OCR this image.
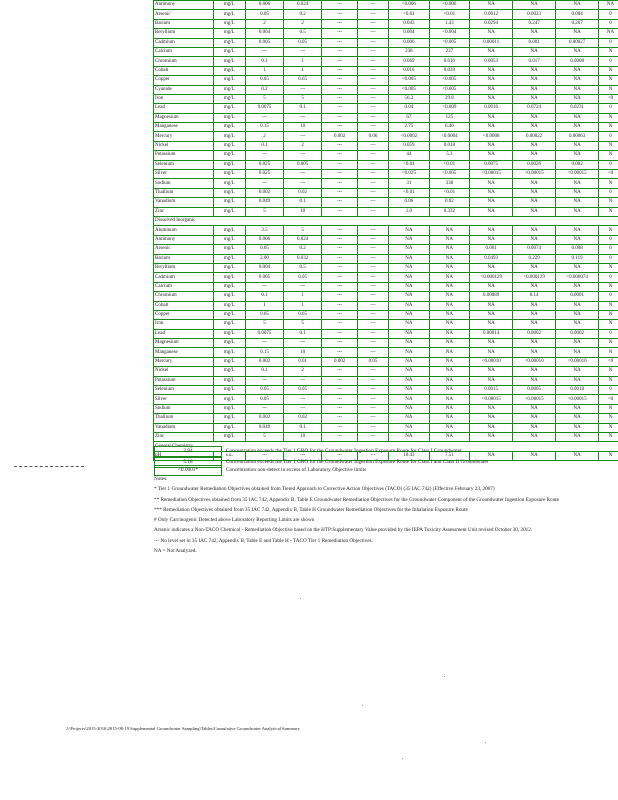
Antimony	mg/L	0.006	0.024	---	---	<0.006	<0.006	NA	NA	NA	NA
Arsenic	mg/L	0.05	0.2	---	---	<0.01	<0.01	0.0012	0.0023	0.004	0
Barium	mg/L	2	2	---	---	0.043	1.43	0.0294	0.247	0.267	0
Beryllium	mg/L	0.004	0.5	---	---	0.004	<0.004	NA	NA	NA	NA
Cadmium	mg/L	0.005	0.05	---	---	0.006	<0.005	0.00011	0.001	0.00027	0
Calcium	mg/L	---	---	---	---	238	237	NA	NA	NA	N
Chromium	mg/L	0.1	1	---	---	0.069	0.016	0.0053	0.017	0.0008	0
Cobalt	mg/L	1	1	---	---	0.016	0.039	NA	NA	NA	N
Copper	mg/L	0.65	0.65	---	---	<0.005	<0.005	NA	NA	NA	N
Cyanide	mg/L	0.2	---	---	---	<0.005	<0.005	NA	NA	NA	N
Iron	mg/L	5	5	---	---	56.2	29.8	NA	NA	NA	<0
Lead	mg/L	0.0075	0.1	---	---	0.04	<0.009	0.0016	0.0724	0.0231	0
Magnesium	mg/L	---	---	---	---	67	125	NA	NA	NA	N
Manganese	mg/L	0.15	10	---	---	2.75	6.46	NA	NA	NA	N
Mercury	mg/L	2	---	0.002	0.06	<0.0002	<0.0004	<0.0008	0.00022	0.00063	0
Nickel	mg/L	0.1	2	---	---	0.059	0.018	NA	NA	NA	N
Potassium	mg/L	---	---	---	---	44	5.3	NA	NA	NA	N
Selenium	mg/L	0.025	0.005	---	---	<0.01	<0.01	0.0075	0.0026	0.002	0
Silver	mg/L	0.025	---	---	---	<0.025	<0.005	<0.00015	<0.00015	<0.00015	<0
Sodium	mg/L	---	---	---	---	31	338	NA	NA	NA	N
Thallium	mg/L	0.002	0.02	---	---	<0.01	<0.01	NA	NA	NA	0
Vanadium	mg/L	0.049	0.1	---	---	0.06	0.02	NA	NA	NA	N
Zinc	mg/L	5	10	---	---	1.0	0.332	NA	NA	NA	N
Dissolved Inorganic											
Aluminum	mg/L	3.5	5	---	---	NA	NA	NA	NA	NA	N
Antimony	mg/L	0.006	0.024	---	---	NA	NA	NA	NA	NA	0
Arsenic	mg/L	0.05	0.2	---	---	NA	NA	0.001	0.0074	0.008	0
Barium	mg/L	2.00	0.032	---	---	NA	NA	0.0493	0.229	0.119	0
Beryllium	mg/L	0.004	0.5	---	---	NA	NA	NA	NA	NA	N
Cadmium	mg/L	0.005	0.05	---	---	NA	NA	<0.000129	<0.000129	<0.000074	0
Calcium	mg/L	---	---	---	---	NA	NA	NA	NA	NA	N
Chromium	mg/L	0.1	1	---	---	NA	NA	0.00089	0.14	0.0001	0
Cobalt	mg/L	1	1	---	---	NA	NA	NA	NA	NA	N
Copper	mg/L	0.65	0.65	---	---	NA	NA	NA	NA	NA	N
Iron	mg/L	5	5	---	---	NA	NA	NA	NA	NA	N
Lead	mg/L	0.0075	0.1	---	---	NA	NA	0.00014	0.0002	0.0002	0
Magnesium	mg/L	---	---	---	---	NA	NA	NA	NA	NA	N
Manganese	mg/L	0.15	10	---	---	NA	NA	NA	NA	NA	N
Mercury	mg/L	0.002	0.01	0.002	0.05	NA	NA	<0.00010	<0.00010	<0.00010	<0
Nickel	mg/L	0.1	2	---	---	NA	NA	NA	NA	NA	N
Potassium	mg/L	---	---	---	---	NA	NA	NA	NA	NA	N
Selenium	mg/L	0.05	0.05	---	---	NA	NA	0.0015	0.0005	0.0018	0
Silver	mg/L	0.05	---	---	---	NA	NA	<0.00015	<0.00015	<0.00015	<0
Sodium	mg/L	---	---	---	---	NA	NA	NA	NA	NA	N
Thallium	mg/L	0.002	0.02	---	---	NA	NA	NA	NA	NA	N
Vanadium	mg/L	0.049	0.1	---	---	NA	NA	NA	NA	NA	N
Zinc	mg/L	5	10	---	---	NA	NA	NA	NA	NA	N
General Chemistry											
pH	s.u.	---	---	---	---	10.43	7.51	NA	NA	NA	N
3.84	Concentration exceeds the Tier 1 GRO for the Groundwater Ingestion Exposure Route for Class I Groundwater
5.18	Concentration exceeds the Tier 1 GRO for the Groundwater Ingestion Exposure Route for Class I and Class II Groundwater
<0.0001*	Concentration non-detect in excess of Laboratory Objective limits
Notes:
* Tier 1 Groundwater Remediation Objectives obtained from Tiered Approach to Corrective Action Objectives (TACO) (35 IAC 742) (Effective February 23, 2007)
** Remediation Objectives obtained from 35 IAC 742, Appendix B, Table E Groundwater Remediation Objectives for the Groundwater Component of the Groundwater Ingestion Exposure Route
*** Remediation Objectives obtained from 35 IAC 742, Appendix B, Table H Groundwater Remediation Objectives for the Inhalation Exposure Route
# Only Carcinogenic Detected above Laboratory Reporting Limits are shown
Arsenic indicates a Non-TACO Chemical - Remediation Objective based on the HTP/Supplementary Value provided by the IEPA Toxicity Assessment Unit revised October 30, 2012.
--- No level set in 35 IAC 742, Appendix B, Table E and Table H - TACO Tier 1 Remediation Objectives.
NA = Not Analyzed.
J:\Projects\2015-2016\2015-08-19 Supplemental Groundwater Sampling\Tables\Cumulative Groundwater Analytical Summary
